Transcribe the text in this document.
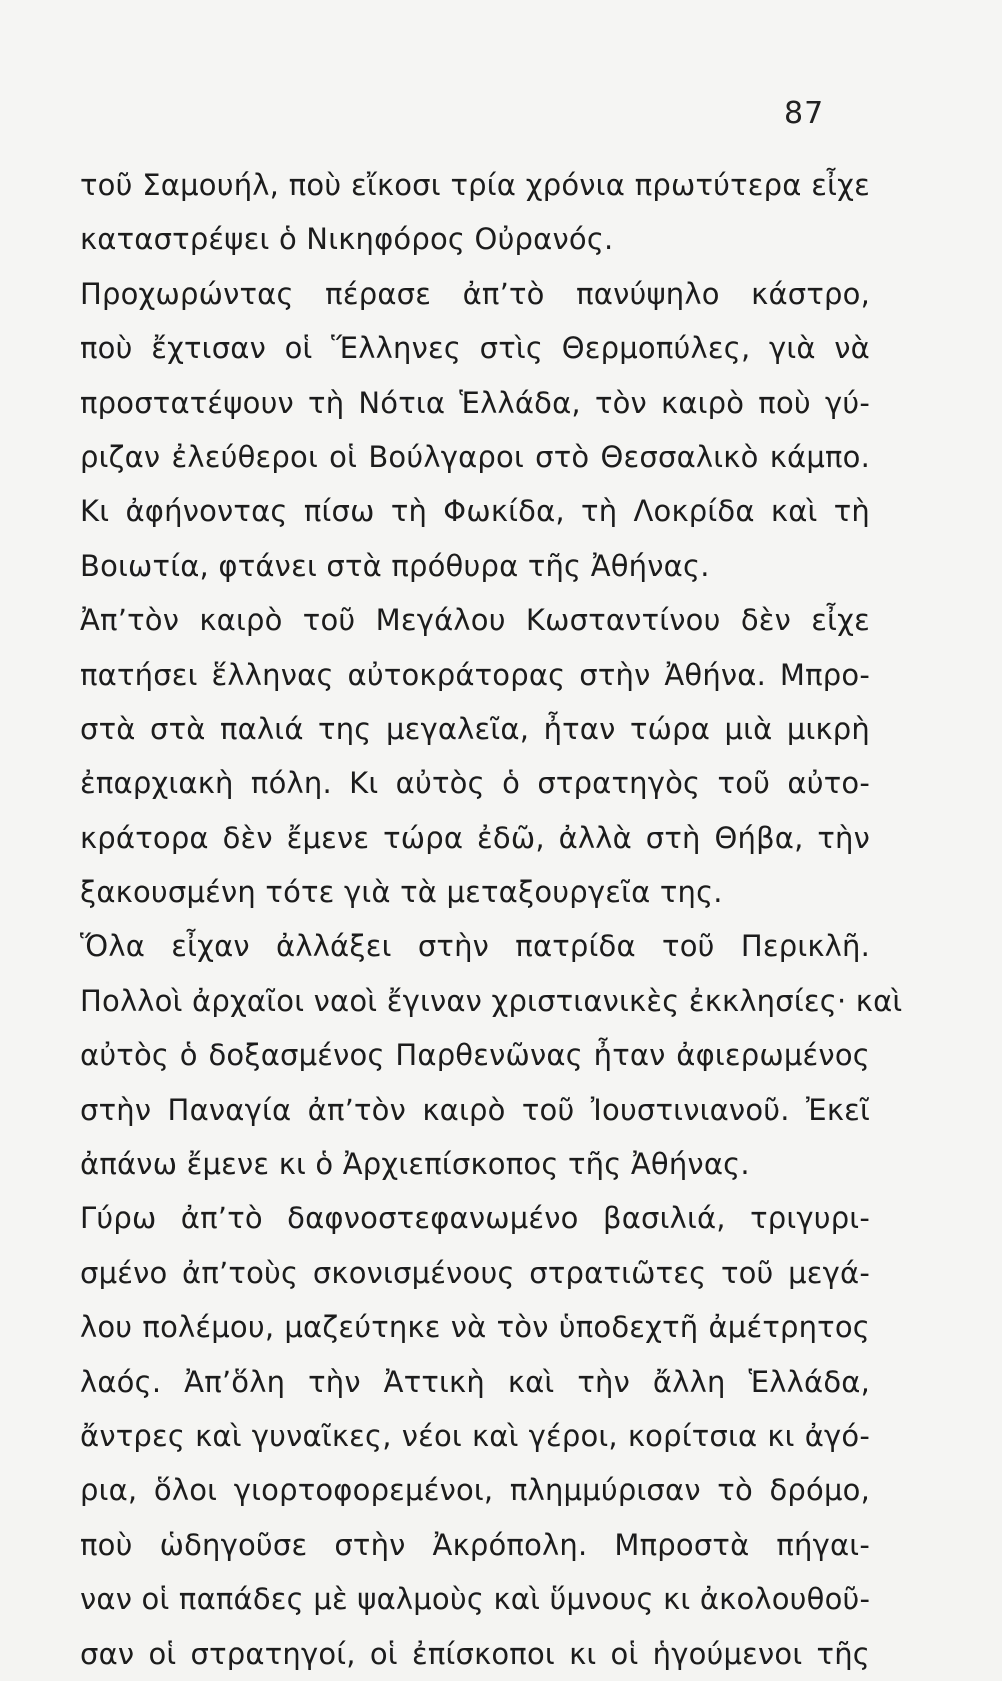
87
τοῦ Σαμουήλ, ποὺ εἴκοσι τρία χρόνια πρωτύτερα εἶχε
καταστρέψει ὁ Νικηφόρος Οὐρανός.
Προχωρώντας πέρασε ἀπ’τὸ πανύψηλο κάστρο,
ποὺ ἔχτισαν οἱ Ἕλληνες στὶς Θερμοπύλες, γιὰ νὰ
προστατέψουν τὴ Νότια Ἑλλάδα, τὸν καιρὸ ποὺ γύ-
ριζαν ἐλεύθεροι οἱ Βούλγαροι στὸ Θεσσαλικὸ κάμπο.
Κι ἀφήνοντας πίσω τὴ Φωκίδα, τὴ Λοκρίδα καὶ τὴ
Βοιωτία, φτάνει στὰ πρόθυρα τῆς Ἀθήνας.
Ἀπ’τὸν καιρὸ τοῦ Μεγάλου Κωσταντίνου δὲν εἶχε
πατήσει ἕλληνας αὐτοκράτορας στὴν Ἀθήνα. Μπρο-
στὰ στὰ παλιά της μεγαλεῖα, ἦταν τώρα μιὰ μικρὴ
ἐπαρχιακὴ πόλη. Κι αὐτὸς ὁ στρατηγὸς τοῦ αὐτο-
κράτορα δὲν ἔμενε τώρα ἐδῶ, ἀλλὰ στὴ Θήβα, τὴν
ξακουσμένη τότε γιὰ τὰ μεταξουργεῖα της.
Ὅλα εἶχαν ἀλλάξει στὴν πατρίδα τοῦ Περικλῆ.
Πολλοὶ ἀρχαῖοι ναοὶ ἔγιναν χριστιανικὲς ἐκκλησίες· καὶ
αὐτὸς ὁ δοξασμένος Παρθενῶνας ἦταν ἀφιερωμένος
στὴν Παναγία ἀπ’τὸν καιρὸ τοῦ Ἰουστινιανοῦ. Ἐκεῖ
ἀπάνω ἔμενε κι ὁ Ἀρχιεπίσκοπος τῆς Ἀθήνας.
Γύρω ἀπ’τὸ δαφνοστεφανωμένο βασιλιά, τριγυρι-
σμένο ἀπ’τοὺς σκονισμένους στρατιῶτες τοῦ μεγά-
λου πολέμου, μαζεύτηκε νὰ τὸν ὑποδεχτῆ ἀμέτρητος
λαός. Ἀπ’ὅλη τὴν Ἀττικὴ καὶ τὴν ἄλλη Ἑλλάδα,
ἄντρες καὶ γυναῖκες, νέοι καὶ γέροι, κορίτσια κι ἀγό-
ρια, ὅλοι γιορτοφορεμένοι, πλημμύρισαν τὸ δρόμο,
ποὺ ὡδηγοῦσε στὴν Ἀκρόπολη. Μπροστὰ πήγαι-
ναν οἱ παπάδες μὲ ψαλμοὺς καὶ ὕμνους κι ἀκολουθοῦ-
σαν οἱ στρατηγοί, οἱ ἐπίσκοποι κι οἱ ἡγούμενοι τῆς
